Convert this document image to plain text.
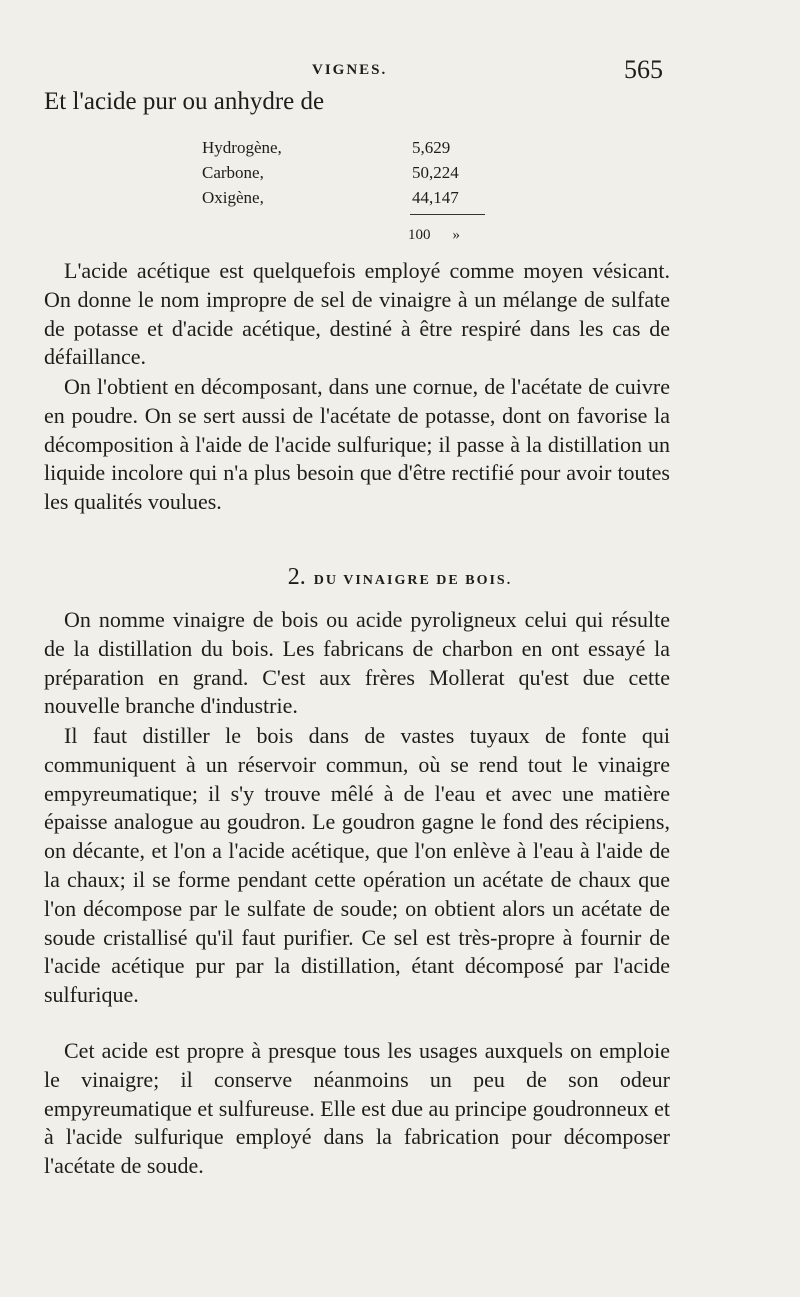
VIGNES.	565
Et l'acide pur ou anhydre de
Hydrogène,	5,629
Carbone,	50,224
Oxigène,	44,147
100 »

L'acide acétique est quelquefois employé comme moyen vésicant. On donne le nom impropre de sel de vinaigre à un mélange de sulfate de potasse et d'acide acétique, destiné à être respiré dans les cas de défaillance.

On l'obtient en décomposant, dans une cornue, de l'acétate de cuivre en poudre. On se sert aussi de l'acétate de potasse, dont on favorise la décomposition à l'aide de l'acide sulfurique; il passe à la distillation un liquide incolore qui n'a plus besoin que d'être rectifié pour avoir toutes les qualités voulues.

2. DU VINAIGRE DE BOIS.

On nomme vinaigre de bois ou acide pyroligneux celui qui résulte de la distillation du bois. Les fabricans de charbon en ont essayé la préparation en grand. C'est aux frères Mollerat qu'est due cette nouvelle branche d'industrie.

Il faut distiller le bois dans de vastes tuyaux de fonte qui communiquent à un réservoir commun, où se rend tout le vinaigre empyreumatique; il s'y trouve mêlé à de l'eau et avec une matière épaisse analogue au goudron. Le goudron gagne le fond des récipiens, on décante, et l'on a l'acide acétique, que l'on enlève à l'eau à l'aide de la chaux; il se forme pendant cette opération un acétate de chaux que l'on décompose par le sulfate de soude; on obtient alors un acétate de soude cristallisé qu'il faut purifier. Ce sel est très-propre à fournir de l'acide acétique pur par la distillation, étant décomposé par l'acide sulfurique.

Cet acide est propre à presque tous les usages auxquels on emploie le vinaigre; il conserve néanmoins un peu de son odeur empyreumatique et sulfureuse. Elle est due au principe goudronneux et à l'acide sulfurique employé dans la fabrication pour décomposer l'acétate de soude.
